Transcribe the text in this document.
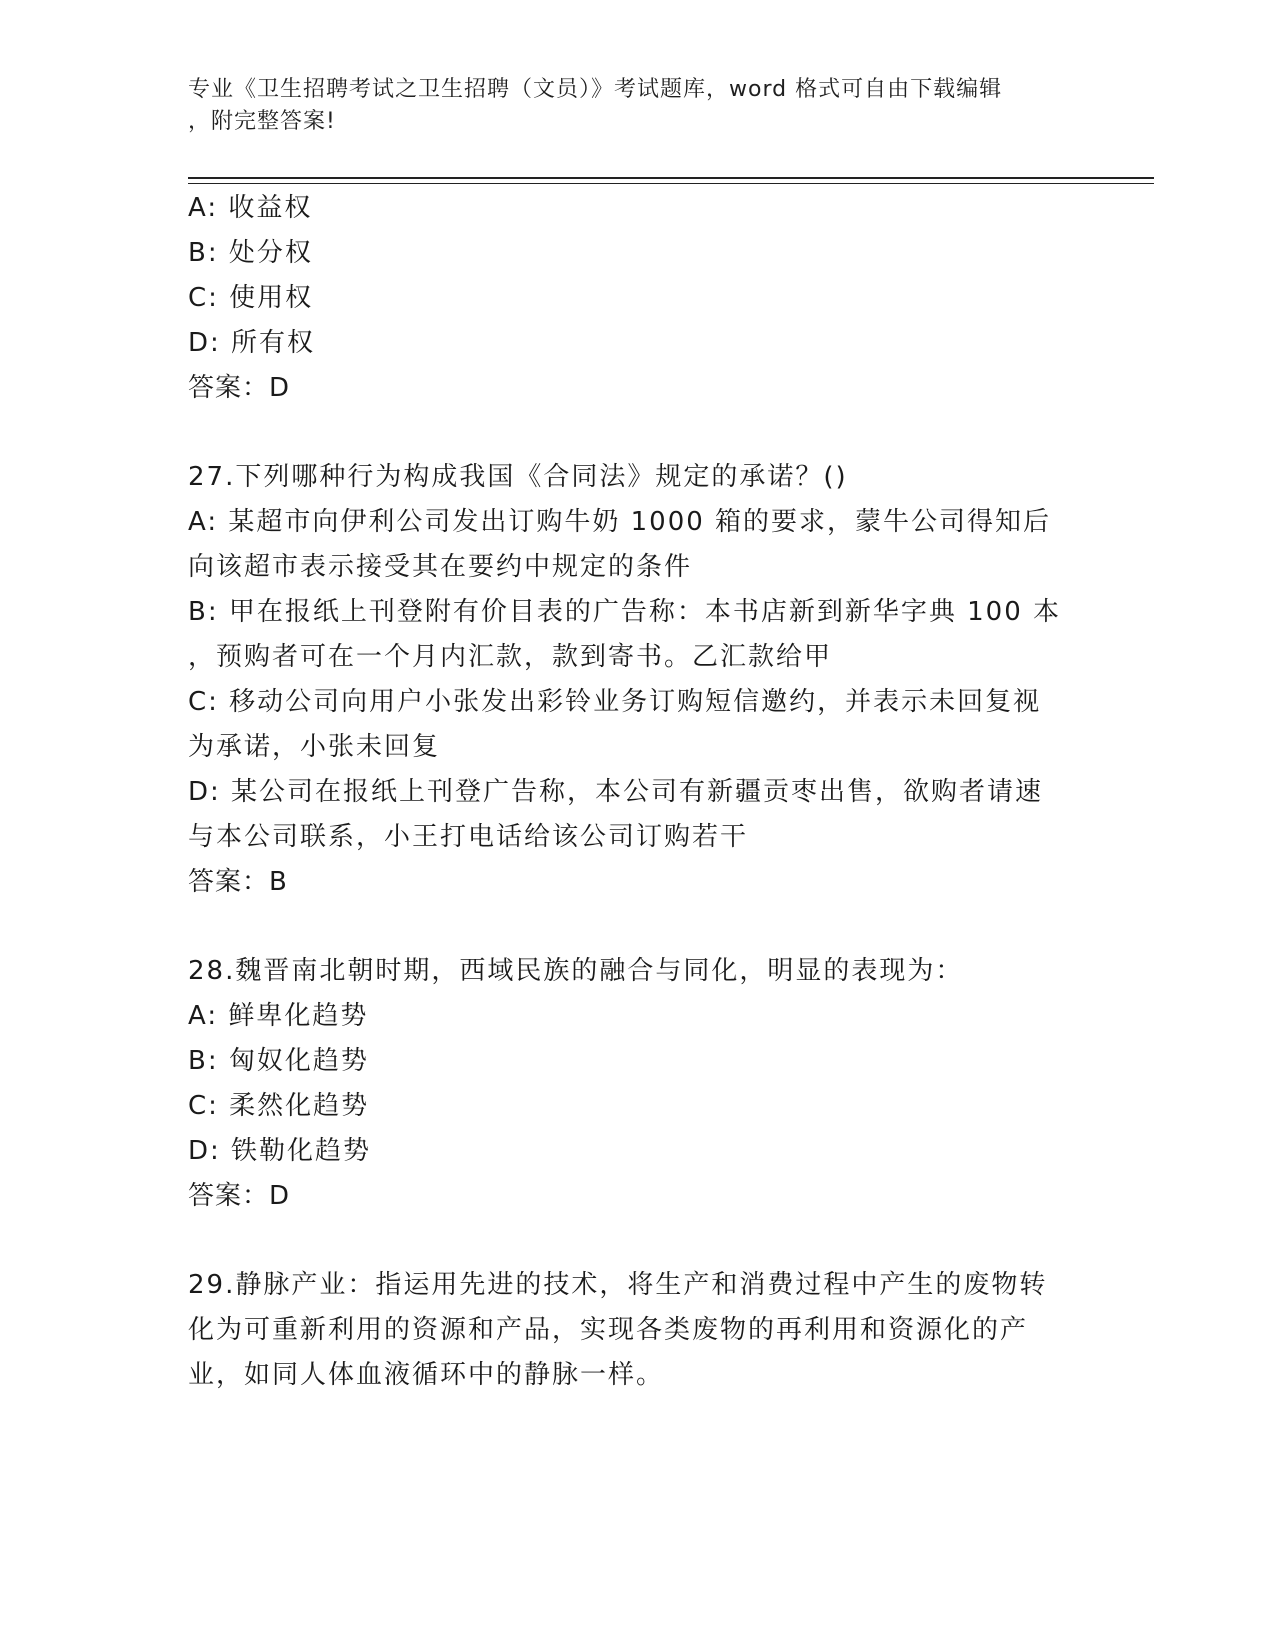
专业《卫生招聘考试之卫生招聘（文员）》考试题库，word 格式可自由下载编辑
，附完整答案!
A: 收益权
B: 处分权
C: 使用权
D: 所有权
答案：D
27.下列哪种行为构成我国《合同法》规定的承诺？()
A: 某超市向伊利公司发出订购牛奶 1000 箱的要求，蒙牛公司得知后
向该超市表示接受其在要约中规定的条件
B: 甲在报纸上刊登附有价目表的广告称：本书店新到新华字典 100 本
，预购者可在一个月内汇款，款到寄书。乙汇款给甲
C: 移动公司向用户小张发出彩铃业务订购短信邀约，并表示未回复视
为承诺，小张未回复
D: 某公司在报纸上刊登广告称，本公司有新疆贡枣出售，欲购者请速
与本公司联系，小王打电话给该公司订购若干
答案：B
28.魏晋南北朝时期，西域民族的融合与同化，明显的表现为：
A: 鲜卑化趋势
B: 匈奴化趋势
C: 柔然化趋势
D: 铁勒化趋势
答案：D
29.静脉产业：指运用先进的技术，将生产和消费过程中产生的废物转
化为可重新利用的资源和产品，实现各类废物的再利用和资源化的产
业，如同人体血液循环中的静脉一样。
